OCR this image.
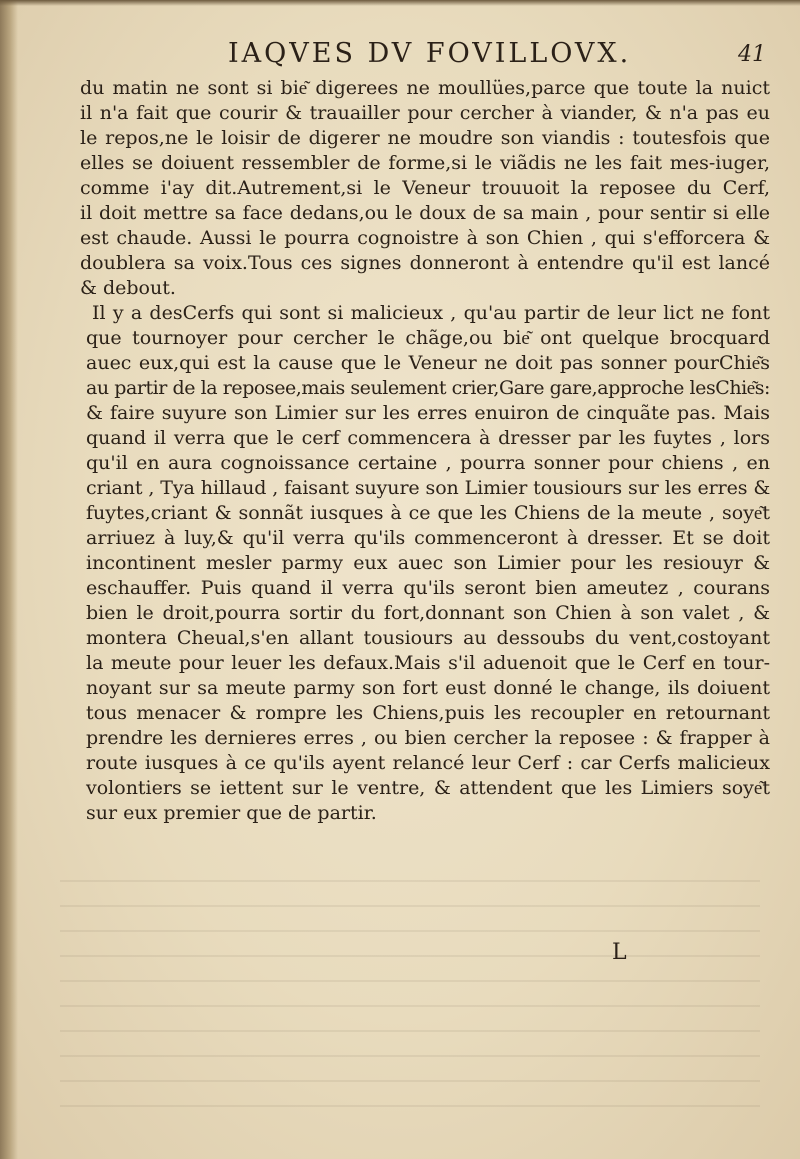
IAQVES DV FOVILLOVX.	41
du matin ne sont si bie͂ digerees ne moullües,parce que toute la nuict
il n'a fait que courir & trauailler pour cercher à viander, & n'a pas eu
le repos,ne le loisir de digerer ne moudre son viandis : toutesfois que
elles se doiuent ressembler de forme,si le viãdis ne les fait mes-iuger,
comme i'ay dit.Autrement,si le Veneur trouuoit la reposee du Cerf,
il doit mettre sa face dedans,ou le doux de sa main , pour sentir si elle
est chaude. Aussi le pourra cognoistre à son Chien , qui s'efforcera &
doublera sa voix.Tous ces signes donneront à entendre qu'il est lancé
& debout.
Il y a desCerfs qui sont si malicieux , qu'au partir de leur lict ne font
que tournoyer pour cercher le chãge,ou bie͂ ont quelque brocquard
auec eux,qui est la cause que le Veneur ne doit pas sonner pourChie͂s
au partir de la reposee,mais seulement crier,Gare gare,approche lesChie͂s:
& faire suyure son Limier sur les erres enuiron de cinquãte pas. Mais
quand il verra que le cerf commencera à dresser par les fuytes , lors
qu'il en aura cognoissance certaine , pourra sonner pour chiens , en
criant , Tya hillaud , faisant suyure son Limier tousiours sur les erres &
fuytes,criant & sonnãt iusques à ce que les Chiens de la meute , soye͂t
arriuez à luy,& qu'il verra qu'ils commenceront à dresser. Et se doit
incontinent mesler parmy eux auec son Limier pour les resiouyr &
eschauffer. Puis quand il verra qu'ils seront bien ameutez , courans
bien le droit,pourra sortir du fort,donnant son Chien à son valet , &
montera Cheual,s'en allant tousiours au dessoubs du vent,costoyant
la meute pour leuer les defaux.Mais s'il aduenoit que le Cerf en tour-
noyant sur sa meute parmy son fort eust donné le change, ils doiuent
tous menacer & rompre les Chiens,puis les recoupler en retournant
prendre les dernieres erres , ou bien cercher la reposee : & frapper à
route iusques à ce qu'ils ayent relancé leur Cerf : car Cerfs malicieux
volontiers se iettent sur le ventre, & attendent que les Limiers soye͂t
sur eux premier que de partir.
L
